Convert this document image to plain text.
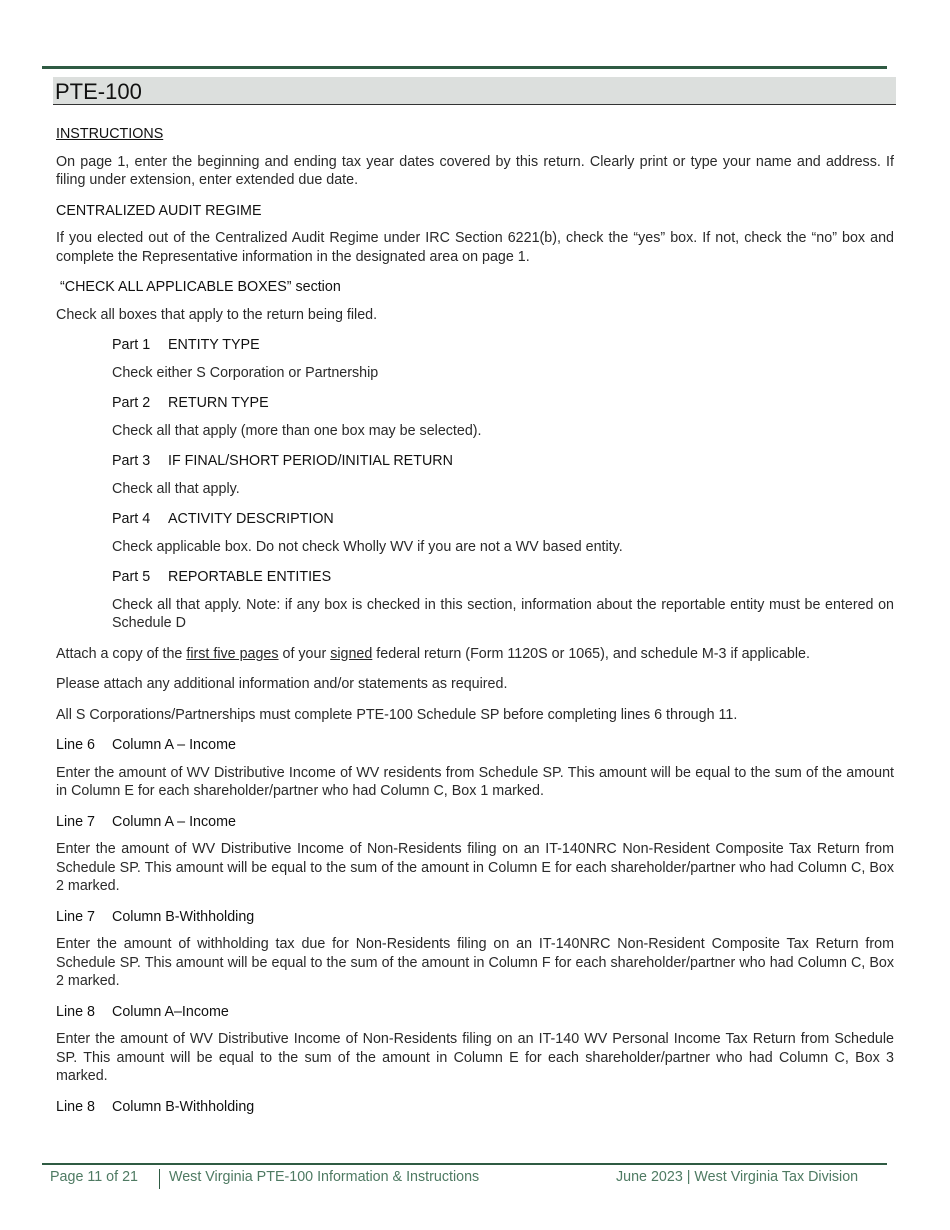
PTE-100

INSTRUCTIONS

On page 1, enter the beginning and ending tax year dates covered by this return. Clearly print or type your name and address. If filing under extension, enter extended due date.

CENTRALIZED AUDIT REGIME

If you elected out of the Centralized Audit Regime under IRC Section 6221(b), check the “yes” box. If not, check the “no” box and complete the Representative information in the designated area on page 1.

“CHECK ALL APPLICABLE BOXES” section

Check all boxes that apply to the return being filed.

Part 1 ENTITY TYPE

Check either S Corporation or Partnership

Part 2 RETURN TYPE

Check all that apply (more than one box may be selected).

Part 3 IF FINAL/SHORT PERIOD/INITIAL RETURN

Check all that apply.

Part 4 ACTIVITY DESCRIPTION

Check applicable box. Do not check Wholly WV if you are not a WV based entity.

Part 5 REPORTABLE ENTITIES

Check all that apply. Note: if any box is checked in this section, information about the reportable entity must be entered on Schedule D

Attach a copy of the first five pages of your signed federal return (Form 1120S or 1065), and schedule M-3 if applicable.

Please attach any additional information and/or statements as required.

All S Corporations/Partnerships must complete PTE-100 Schedule SP before completing lines 6 through 11.

Line 6 Column A – Income

Enter the amount of WV Distributive Income of WV residents from Schedule SP. This amount will be equal to the sum of the amount in Column E for each shareholder/partner who had Column C, Box 1 marked.

Line 7 Column A – Income

Enter the amount of WV Distributive Income of Non-Residents filing on an IT-140NRC Non-Resident Composite Tax Return from Schedule SP. This amount will be equal to the sum of the amount in Column E for each shareholder/partner who had Column C, Box 2 marked.

Line 7 Column B-Withholding

Enter the amount of withholding tax due for Non-Residents filing on an IT-140NRC Non-Resident Composite Tax Return from Schedule SP. This amount will be equal to the sum of the amount in Column F for each shareholder/partner who had Column C, Box 2 marked.

Line 8 Column A–Income

Enter the amount of WV Distributive Income of Non-Residents filing on an IT-140 WV Personal Income Tax Return from Schedule SP. This amount will be equal to the sum of the amount in Column E for each shareholder/partner who had Column C, Box 3 marked.

Line 8 Column B-Withholding

Page 11 of 21 West Virginia PTE-100 Information & Instructions	June 2023 | West Virginia Tax Division
